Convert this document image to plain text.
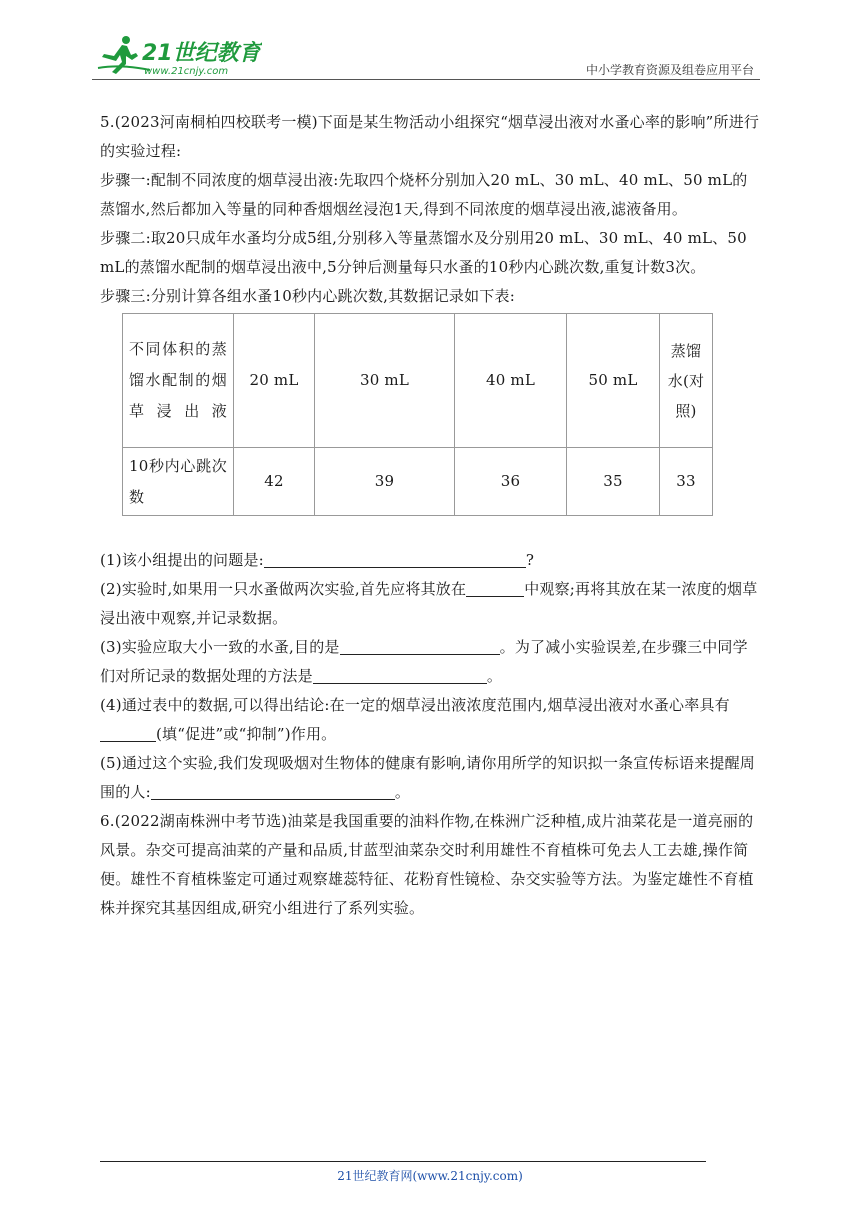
21世纪教育
www.21cnjy.com	中小学教育资源及组卷应用平台

5.(2023河南桐柏四校联考一模)下面是某生物活动小组探究“烟草浸出液对水蚤心率的影响”所进行的实验过程:

步骤一:配制不同浓度的烟草浸出液:先取四个烧杯分别加入20 mL、30 mL、40 mL、50 mL的蒸馏水,然后都加入等量的同种香烟烟丝浸泡1天,得到不同浓度的烟草浸出液,滤液备用。

步骤二:取20只成年水蚤均分成5组,分别移入等量蒸馏水及分别用20 mL、30 mL、40 mL、50 mL的蒸馏水配制的烟草浸出液中,5分钟后测量每只水蚤的10秒内心跳次数,重复计数3次。

步骤三:分别计算各组水蚤10秒内心跳次数,其数据记录如下表:

不同体积的蒸馏水配制的烟草浸出液	20 mL	30 mL	40 mL	50 mL	蒸馏水(对照)
10秒内心跳次数	42	39	36	35	33

(1)该小组提出的问题是:	?

(2)实验时,如果用一只水蚤做两次实验,首先应将其放在	中观察;再将其放在某一浓度的烟草浸出液中观察,并记录数据。

(3)实验应取大小一致的水蚤,目的是	。为了减小实验误差,在步骤三中同学们对所记录的数据处理的方法是	。

(4)通过表中的数据,可以得出结论:在一定的烟草浸出液浓度范围内,烟草浸出液对水蚤心率具有(填“促进”或“抑制”)作用。

(5)通过这个实验,我们发现吸烟对生物体的健康有影响,请你用所学的知识拟一条宣传标语来提醒周围的人:	。

6.(2022湖南株洲中考节选)油菜是我国重要的油料作物,在株洲广泛种植,成片油菜花是一道亮丽的风景。杂交可提高油菜的产量和品质,甘蓝型油菜杂交时利用雄性不育植株可免去人工去雄,操作简便。雄性不育植株鉴定可通过观察雄蕊特征、花粉育性镜检、杂交实验等方法。为鉴定雄性不育植株并探究其基因组成,研究小组进行了系列实验。

21世纪教育网(www.21cnjy.com)
